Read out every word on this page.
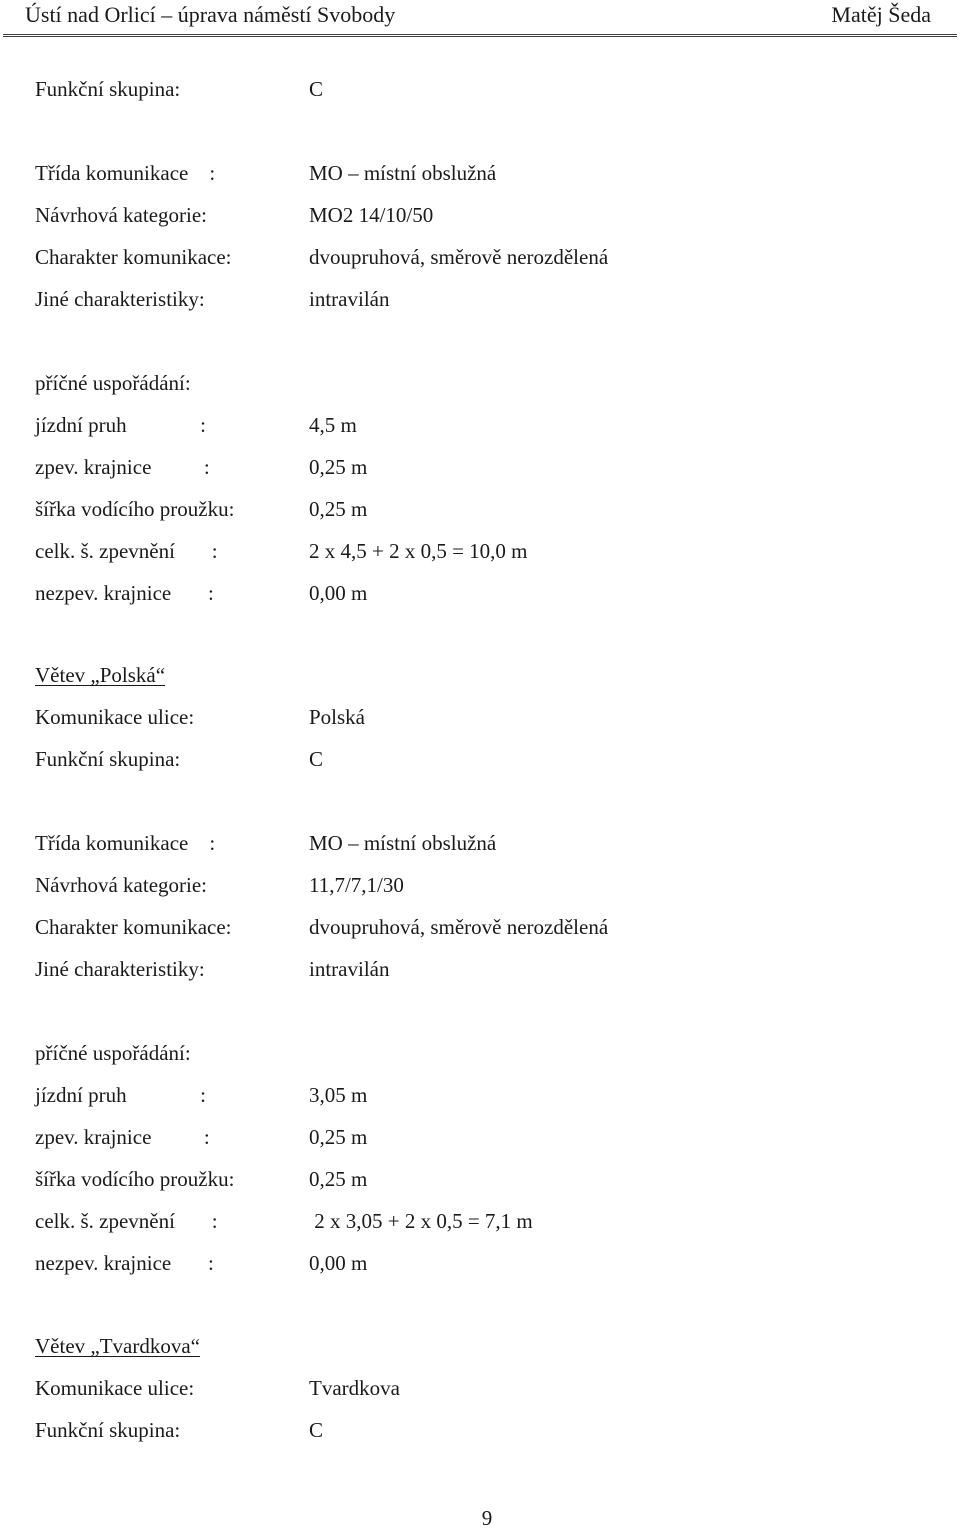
Ústí nad Orlicí – úprava náměstí Svobody	Matěj Šeda
Funkční skupina:	C
Třída komunikace    :	MO – místní obslužná
Návrhová kategorie:	MO2 14/10/50
Charakter komunikace:	dvoupruhová, směrově nerozdělená
Jiné charakteristiky:	intravilán
příčné uspořádání:
jízdní pruh              :	4,5 m
zpev. krajnice          :	0,25 m
šířka vodícího proužku:	0,25 m
celk. š. zpevnění       :	2 x 4,5 + 2 x 0,5 = 10,0 m
nezpev. krajnice       :	0,00 m
Větev „Polská“
Komunikace ulice:	Polská
Funkční skupina:	C
Třída komunikace    :	MO – místní obslužná
Návrhová kategorie:	11,7/7,1/30
Charakter komunikace:	dvoupruhová, směrově nerozdělená
Jiné charakteristiky:	intravilán
příčné uspořádání:
jízdní pruh              :	3,05 m
zpev. krajnice          :	0,25 m
šířka vodícího proužku:	0,25 m
celk. š. zpevnění       :	2 x 3,05 + 2 x 0,5 = 7,1 m
nezpev. krajnice       :	0,00 m
Větev „Tvardkova“
Komunikace ulice:	Tvardkova
Funkční skupina:	C
9
